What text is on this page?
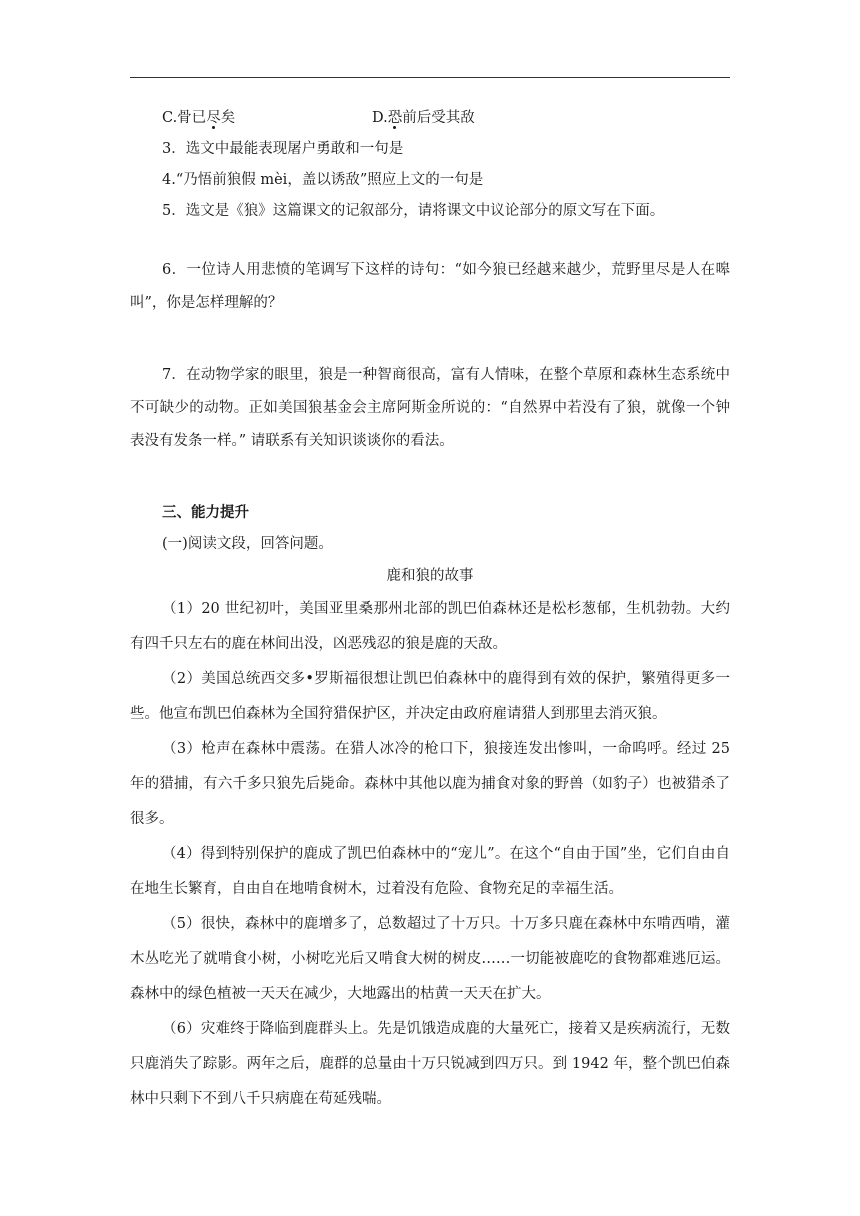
C.骨已尽矣	D.恐前后受其敌
3．选文中最能表现屠户勇敢和一句是
4.“乃悟前狼假 mèi，盖以诱敌”照应上文的一句是
5．选文是《狼》这篇课文的记叙部分，请将课文中议论部分的原文写在下面。
6．一位诗人用悲愤的笔调写下这样的诗句：“如今狼已经越来越少，荒野里尽是人在嗥叫”，你是怎样理解的？
7．在动物学家的眼里，狼是一种智商很高，富有人情味，在整个草原和森林生态系统中不可缺少的动物。正如美国狼基金会主席阿斯金所说的：“自然界中若没有了狼，就像一个钟表没有发条一样。” 请联系有关知识谈谈你的看法。
三、能力提升
(一)阅读文段，回答问题。
鹿和狼的故事
（1）20 世纪初叶，美国亚里桑那州北部的凯巴伯森林还是松杉葱郁，生机勃勃。大约有四千只左右的鹿在林间出没，凶恶残忍的狼是鹿的天敌。
（2）美国总统西交多•罗斯福很想让凯巴伯森林中的鹿得到有效的保护，繁殖得更多一些。他宣布凯巴伯森林为全国狩猎保护区，并决定由政府雇请猎人到那里去消灭狼。
（3）枪声在森林中震荡。在猎人冰冷的枪口下，狼接连发出惨叫，一命呜呼。经过 25 年的猎捕，有六千多只狼先后毙命。森林中其他以鹿为捕食对象的野兽（如豹子）也被猎杀了很多。
（4）得到特别保护的鹿成了凯巴伯森林中的“宠儿”。在这个“自由于国”坐，它们自由自在地生长繁育，自由自在地啃食树木，过着没有危险、食物充足的幸福生活。
（5）很快，森林中的鹿增多了，总数超过了十万只。十万多只鹿在森林中东啃西啃，灌木丛吃光了就啃食小树，小树吃光后又啃食大树的树皮……一切能被鹿吃的食物都难逃厄运。森林中的绿色植被一天天在减少，大地露出的枯黄一天天在扩大。
（6）灾难终于降临到鹿群头上。先是饥饿造成鹿的大量死亡，接着又是疾病流行，无数只鹿消失了踪影。两年之后，鹿群的总量由十万只锐减到四万只。到 1942 年，整个凯巴伯森林中只剩下不到八千只病鹿在苟延残喘。
